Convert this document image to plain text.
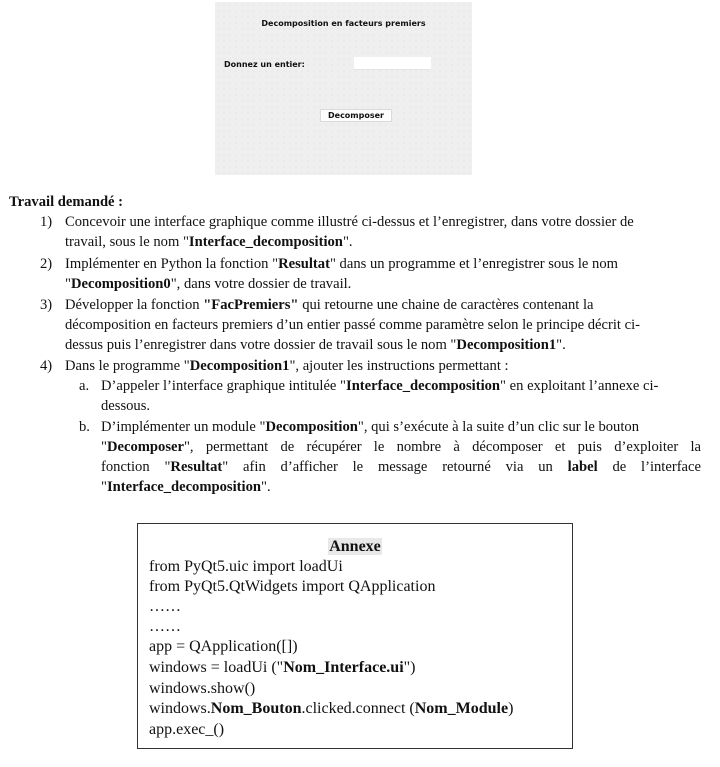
Decomposition en facteurs premiers
Donnez un entier:
Decomposer
Travail demandé :
1) Concevoir une interface graphique comme illustré ci-dessus et l’enregistrer, dans votre dossier de
travail, sous le nom "Interface_decomposition".
2) Implémenter en Python la fonction "Resultat" dans un programme et l’enregistrer sous le nom
"Decomposition0", dans votre dossier de travail.
3) Développer la fonction "FacPremiers" qui retourne une chaine de caractères contenant la
décomposition en facteurs premiers d’un entier passé comme paramètre selon le principe décrit ci-
dessus puis l’enregistrer dans votre dossier de travail sous le nom "Decomposition1".
4) Dans le programme "Decomposition1", ajouter les instructions permettant :
a. D’appeler l’interface graphique intitulée "Interface_decomposition" en exploitant l’annexe ci-
dessous.
b. D’implémenter un module "Decomposition", qui s’exécute à la suite d’un clic sur le bouton
"Decomposer", permettant de récupérer le nombre à décomposer et puis d’exploiter la
fonction "Resultat" afin d’afficher le message retourné via un label de l’interface
"Interface_decomposition".
Annexe
from PyQt5.uic import loadUi
from PyQt5.QtWidgets import QApplication
……
……
app = QApplication([])
windows = loadUi ("Nom_Interface.ui")
windows.show()
windows.Nom_Bouton.clicked.connect (Nom_Module)
app.exec_()
